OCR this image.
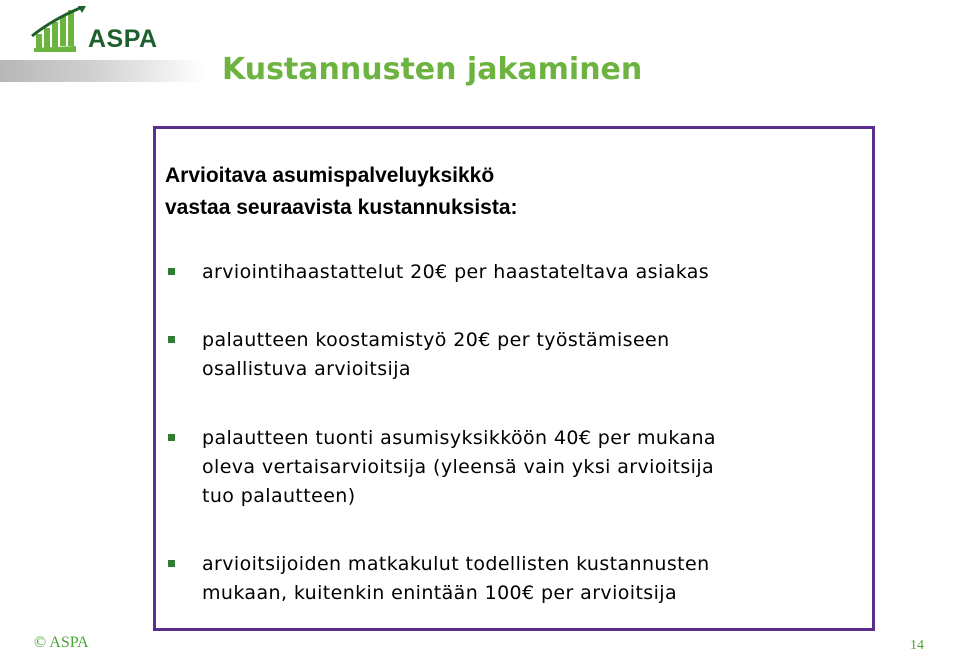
ASPA
Kustannusten jakaminen
Arvioitava asumispalveluyksikkö
vastaa seuraavista kustannuksista:
arviointihaastattelut 20€ per haastateltava asiakas
palautteen koostamistyö 20€ per työstämiseen
osallistuva arvioitsija
palautteen tuonti asumisyksikköön 40€ per mukana
oleva vertaisarvioitsija (yleensä vain yksi arvioitsija
tuo palautteen)
arvioitsijoiden matkakulut todellisten kustannusten
mukaan, kuitenkin enintään 100€ per arvioitsija
© ASPA	14
